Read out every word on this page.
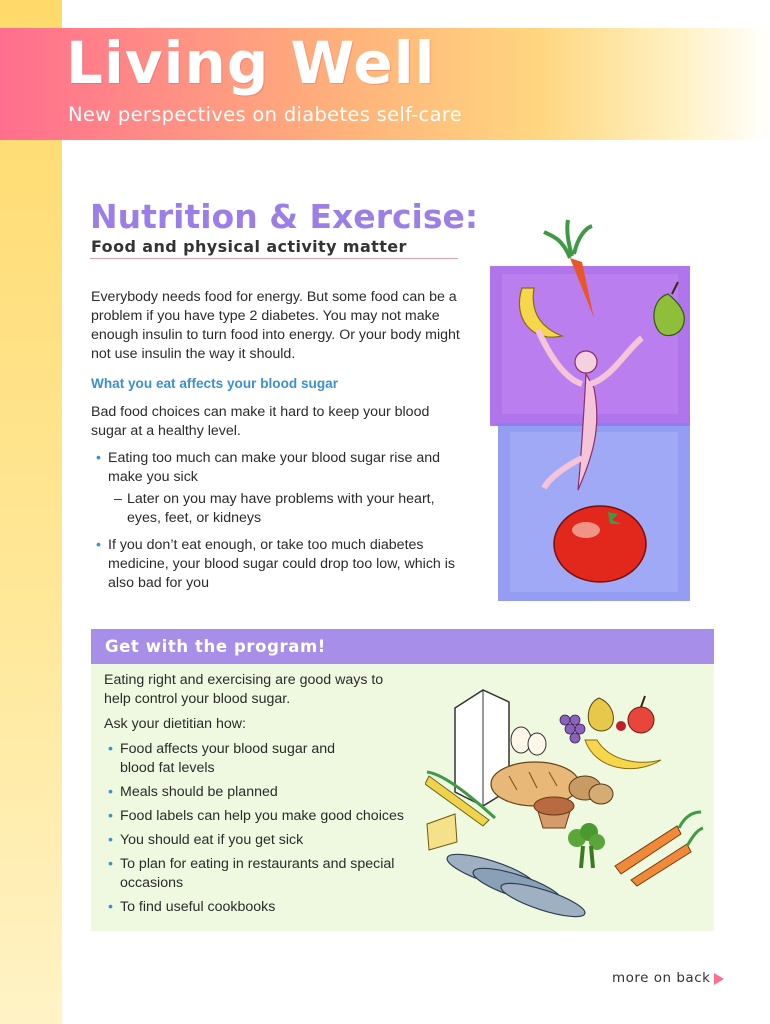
Living Well
New perspectives on diabetes self-care
Nutrition & Exercise:
Food and physical activity matter
Everybody needs food for energy. But some food can be a
problem if you have type 2 diabetes. You may not make
enough insulin to turn food into energy. Or your body might
not use insulin the way it should.
What you eat affects your blood sugar
Bad food choices can make it hard to keep your blood
sugar at a healthy level.
• Eating too much can make your blood sugar rise and
make you sick
– Later on you may have problems with your heart,
eyes, feet, or kidneys
• If you don’t eat enough, or take too much diabetes
medicine, your blood sugar could drop too low, which is
also bad for you
Get with the program!
Eating right and exercising are good ways to
help control your blood sugar.
Ask your dietitian how:
• Food affects your blood sugar and
blood fat levels
• Meals should be planned
• Food labels can help you make good choices
• You should eat if you get sick
• To plan for eating in restaurants and special
occasions
• To find useful cookbooks
more on back
